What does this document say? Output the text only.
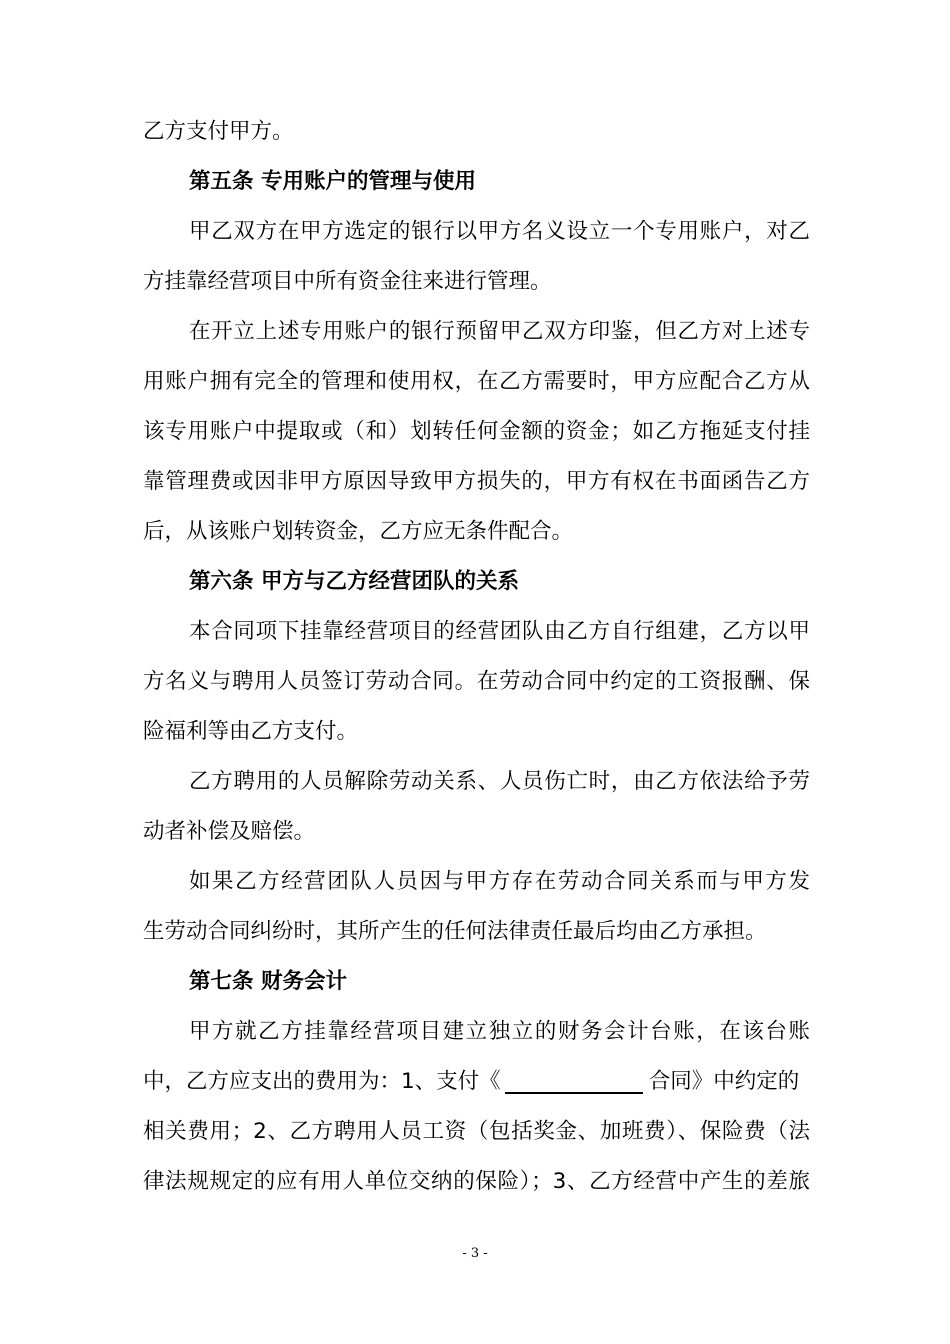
乙方支付甲方。
第五条 专用账户的管理与使用
甲乙双方在甲方选定的银行以甲方名义设立一个专用账户，对乙
方挂靠经营项目中所有资金往来进行管理。
在开立上述专用账户的银行预留甲乙双方印鉴，但乙方对上述专
用账户拥有完全的管理和使用权，在乙方需要时，甲方应配合乙方从
该专用账户中提取或（和）划转任何金额的资金；如乙方拖延支付挂
靠管理费或因非甲方原因导致甲方损失的，甲方有权在书面函告乙方
后，从该账户划转资金，乙方应无条件配合。
第六条 甲方与乙方经营团队的关系
本合同项下挂靠经营项目的经营团队由乙方自行组建，乙方以甲
方名义与聘用人员签订劳动合同。在劳动合同中约定的工资报酬、保
险福利等由乙方支付。
乙方聘用的人员解除劳动关系、人员伤亡时，由乙方依法给予劳
动者补偿及赔偿。
如果乙方经营团队人员因与甲方存在劳动合同关系而与甲方发
生劳动合同纠纷时，其所产生的任何法律责任最后均由乙方承担。
第七条 财务会计
甲方就乙方挂靠经营项目建立独立的财务会计台账，在该台账
中，乙方应支出的费用为：1、支付《	合同》中约定的
相关费用；2、乙方聘用人员工资（包括奖金、加班费）、保险费（法
律法规规定的应有用人单位交纳的保险）；3、乙方经营中产生的差旅
- 3 -
